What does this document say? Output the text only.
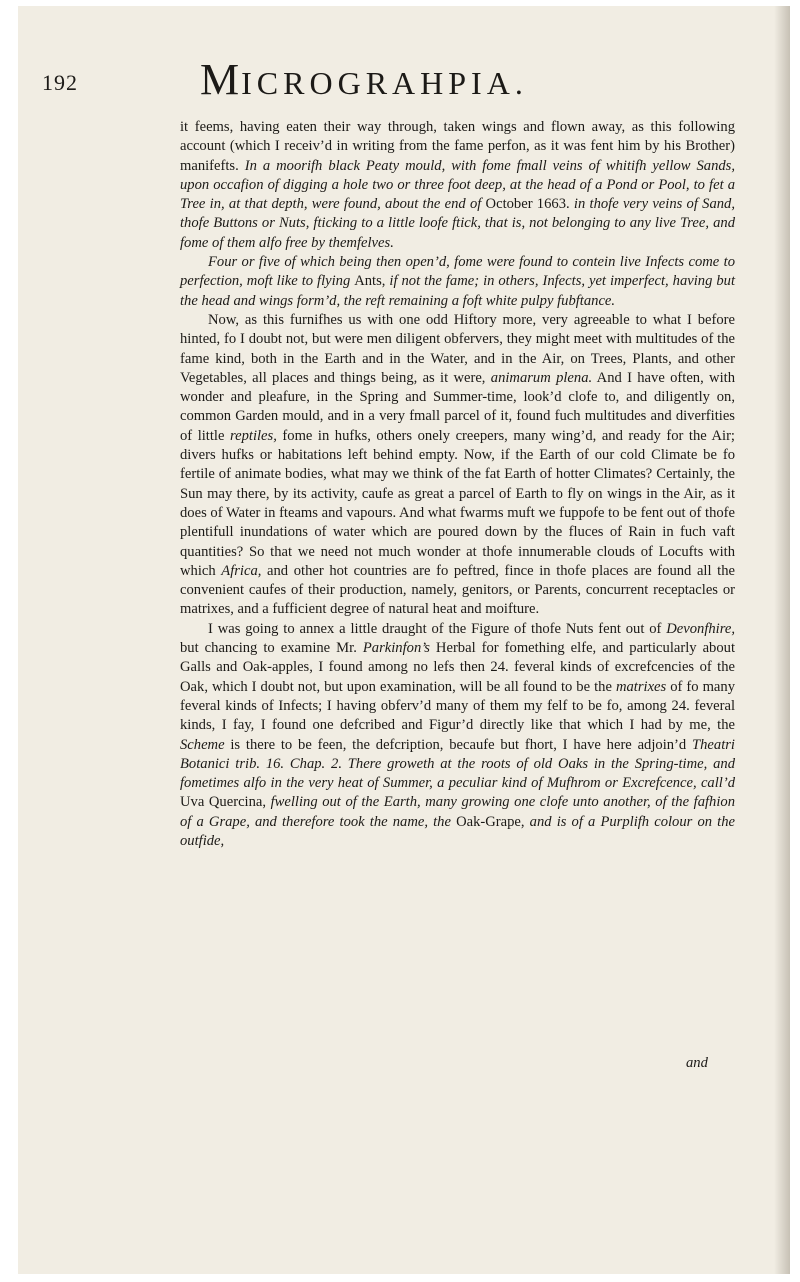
192	MICROGRAHPIA.

it feems, having eaten their way through, taken wings and flown away, as this following account (which I receiv’d in writing from the fame perfon, as it was fent him by his Brother) manifefts. In a moorifh black Peaty mould, with fome fmall veins of whitifh yellow Sands, upon occafion of digging a hole two or three foot deep, at the head of a Pond or Pool, to fet a Tree in, at that depth, were found, about the end of October 1663. in thofe very veins of Sand, thofe Buttons or Nuts, fticking to a little loofe ftick, that is, not belonging to any live Tree, and fome of them alfo free by themfelves.

Four or five of which being then open’d, fome were found to contein live Infects come to perfection, moft like to flying Ants, if not the fame; in others, Infects, yet imperfect, having but the head and wings form’d, the reft remaining a foft white pulpy fubftance.

Now, as this furnifhes us with one odd Hiftory more, very agreeable to what I before hinted, fo I doubt not, but were men diligent obfervers, they might meet with multitudes of the fame kind, both in the Earth and in the Water, and in the Air, on Trees, Plants, and other Vegetables, all places and things being, as it were, animarum plena. And I have often, with wonder and pleafure, in the Spring and Summer-time, look’d clofe to, and diligently on, common Garden mould, and in a very fmall parcel of it, found fuch multitudes and diverfities of little reptiles, fome in hufks, others onely creepers, many wing’d, and ready for the Air; divers hufks or habitations left behind empty. Now, if the Earth of our cold Climate be fo fertile of animate bodies, what may we think of the fat Earth of hotter Climates? Certainly, the Sun may there, by its activity, caufe as great a parcel of Earth to fly on wings in the Air, as it does of Water in fteams and vapours. And what fwarms muft we fuppofe to be fent out of thofe plentifull inundations of water which are poured down by the fluces of Rain in fuch vaft quantities? So that we need not much wonder at thofe innumerable clouds of Locufts with which Africa, and other hot countries are fo peftred, fince in thofe places are found all the convenient caufes of their production, namely, genitors, or Parents, concurrent receptacles or matrixes, and a fufficient degree of natural heat and moifture.

I was going to annex a little draught of the Figure of thofe Nuts fent out of Devonfhire, but chancing to examine Mr. Parkinfon’s Herbal for fomething elfe, and particularly about Galls and Oak-apples, I found among no lefs then 24. feveral kinds of excrefcencies of the Oak, which I doubt not, but upon examination, will be all found to be the matrixes of fo many feveral kinds of Infects; I having obferv’d many of them my felf to be fo, among 24. feveral kinds, I fay, I found one defcribed and Figur’d directly like that which I had by me, the Scheme is there to be feen, the defcription, becaufe but fhort, I have here adjoin’d Theatri Botanici trib. 16. Chap. 2. There groweth at the roots of old Oaks in the Spring-time, and fometimes alfo in the very heat of Summer, a peculiar kind of Mufhrom or Excrefcence, call’d Uva Quercina, fwelling out of the Earth, many growing one clofe unto another, of the fafhion of a Grape, and therefore took the name, the Oak-Grape, and is of a Purplifh colour on the outfide,

and
